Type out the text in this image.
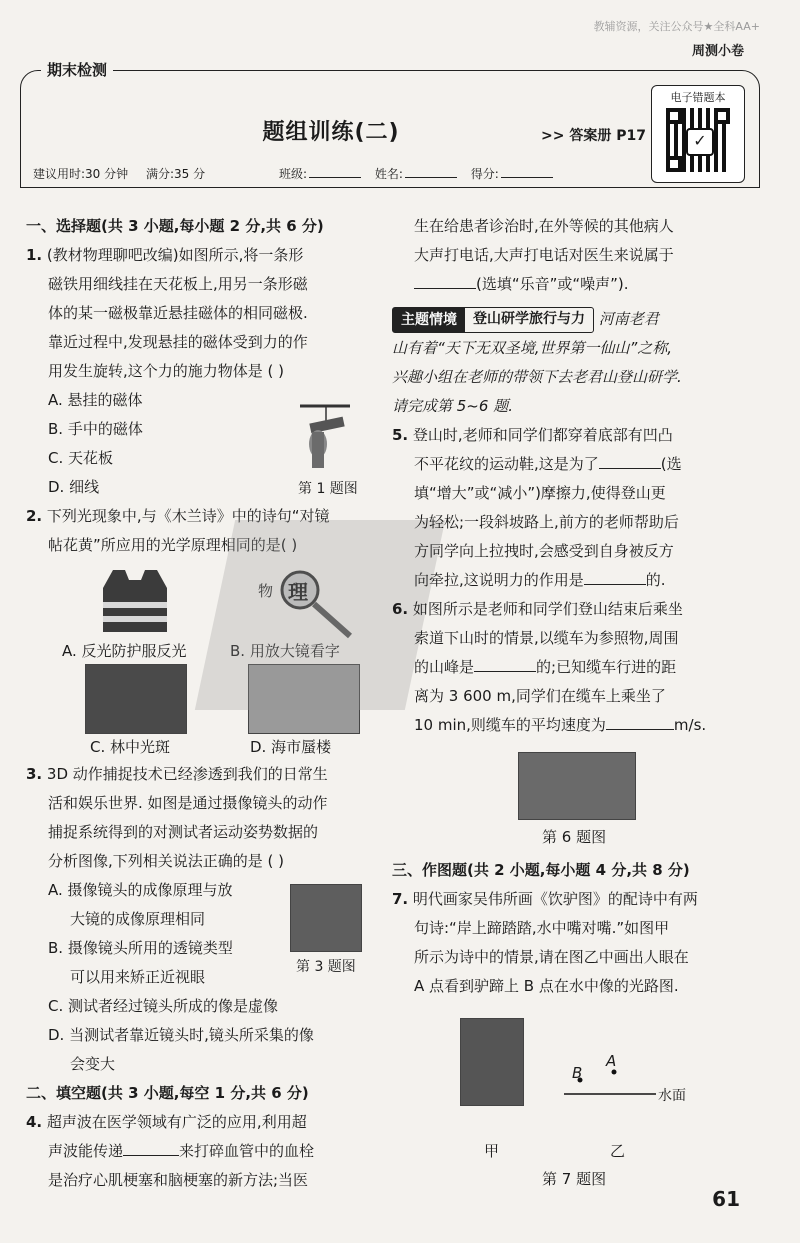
教辅资源，关注公众号★全科AA+
周测小卷
期末检测
题组训练(二)	>> 答案册 P17
建议用时:30 分钟 满分:35 分	班级:	姓名:	得分:
电子错题本
✓

一、选择题(共 3 小题,每小题 2 分,共 6 分)

1. (教材物理聊吧改编)如图所示,将一条形

磁铁用细线挂在天花板上,用另一条形磁

体的某一磁极靠近悬挂磁体的相同磁极.

靠近过程中,发现悬挂的磁体受到力的作

用发生旋转,这个力的施力物体是 ( )

A. 悬挂的磁体

B. 手中的磁体

C. 天花板

D. 细线

2. 下列光现象中,与《木兰诗》中的诗句“对镜

帖花黄”所应用的光学原理相同的是( )

第 1 题图
物 理
A. 反光防护服反光	B. 用放大镜看字
C. 林中光斑	D. 海市蜃楼

3. 3D 动作捕捉技术已经渗透到我们的日常生

活和娱乐世界. 如图是通过摄像镜头的动作

捕捉系统得到的对测试者运动姿势数据的

分析图像,下列相关说法正确的是 ( )

A. 摄像镜头的成像原理与放

大镜的成像原理相同

B. 摄像镜头所用的透镜类型

可以用来矫正近视眼

C. 测试者经过镜头所成的像是虚像

D. 当测试者靠近镜头时,镜头所采集的像

会变大

二、填空题(共 3 小题,每空 1 分,共 6 分)

4. 超声波在医学领域有广泛的应用,利用超

声波能传递	来打碎血管中的血栓

是治疗心肌梗塞和脑梗塞的新方法;当医

第 3 题图

生在给患者诊治时,在外等候的其他病人

大声打电话,大声打电话对医生来说属于

(选填“乐音”或“噪声”).

主题情境	登山研学旅行与力 河南老君

山有着“天下无双圣境,世界第一仙山”之称,

兴趣小组在老师的带领下去老君山登山研学.

请完成第 5~6 题.

5. 登山时,老师和同学们都穿着底部有凹凸

不平花纹的运动鞋,这是为了	(选

填“增大”或“减小”)摩擦力,使得登山更

为轻松;一段斜坡路上,前方的老师帮助后

方同学向上拉拽时,会感受到自身被反方

向牵拉,这说明力的作用是	的.

6. 如图所示是老师和同学们登山结束后乘坐

索道下山时的情景,以缆车为参照物,周围

的山峰是	的;已知缆车行进的距

离为 3 600 m,同学们在缆车上乘坐了

10 min,则缆车的平均速度为	m/s.

第 6 题图

三、作图题(共 2 小题,每小题 4 分,共 8 分)

7. 明代画家吴伟所画《饮驴图》的配诗中有两

句诗:“岸上蹄踏踏,水中嘴对嘴.”如图甲

所示为诗中的情景,请在图乙中画出人眼在

A 点看到驴蹄上 B 点在水中像的光路图.

A
B
水面
甲	乙
第 7 题图
61
